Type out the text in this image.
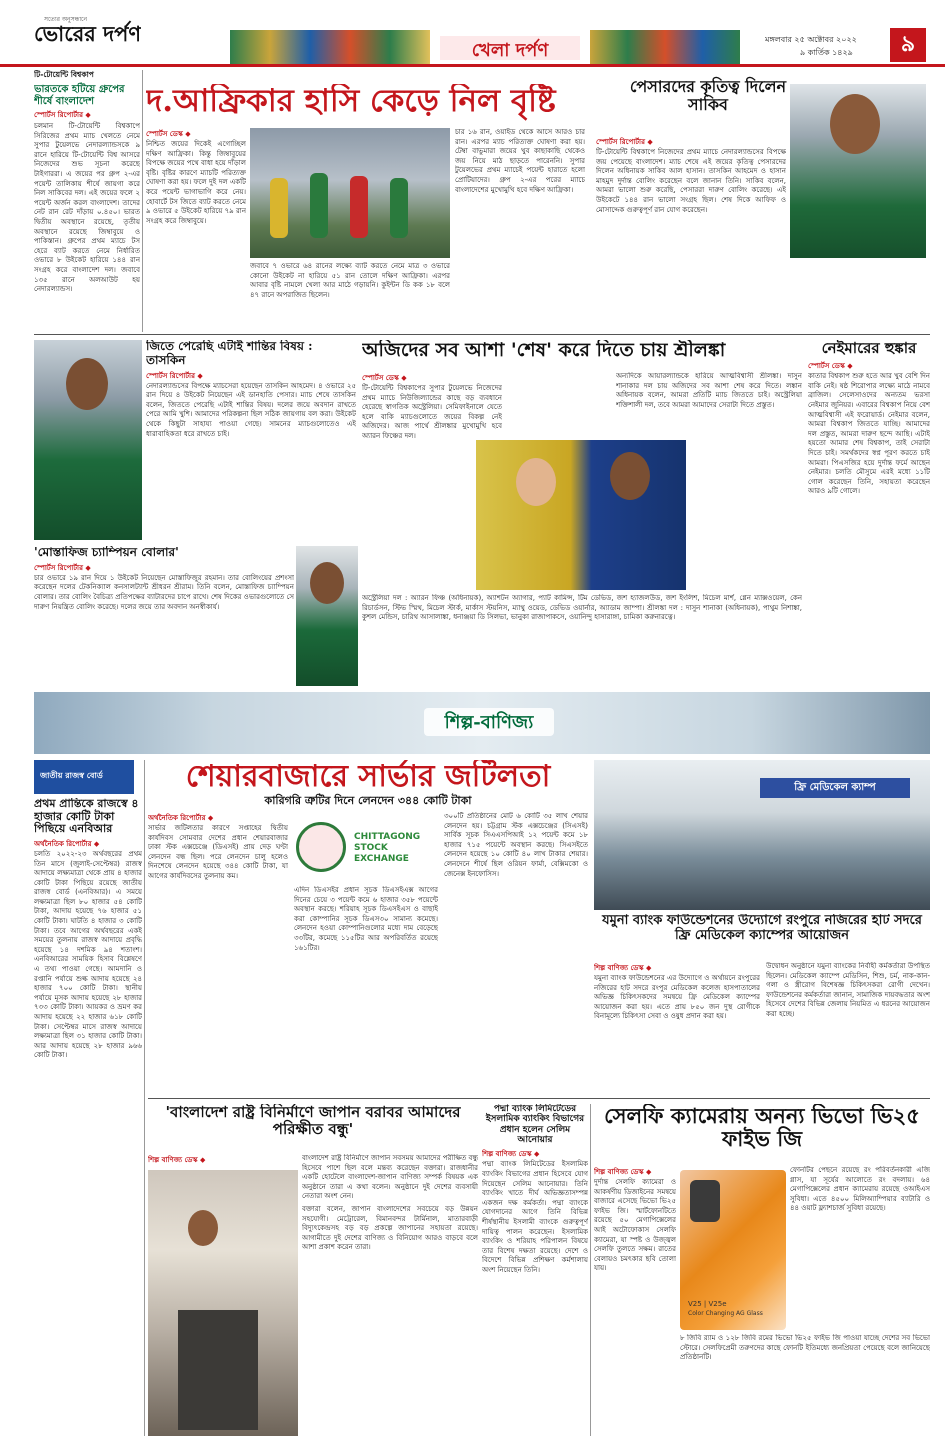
সত্যের অনুসন্ধানে
ভোরের দর্পণ
খেলা দর্পণ
মঙ্গলবার ২৫ অক্টোবর ২০২২
৯ কার্তিক ১৪২৯	৯
টি-টোয়েন্টি বিশ্বকাপ
ভারতকে হটিয়ে গ্রুপের শীর্ষে বাংলাদেশ
স্পোর্টস রিপোর্টার ◆
চলমান টি-টোয়েন্টি বিশ্বকাপে সিরিজের প্রথম ম্যাচ খেলতে নেমে সুপার টুয়েলভে নেদারল্যান্ডসকে ৯ রানে হারিয়ে টি-টোয়েন্টি বিশ্ব আসরে নিজেদের শুভ সূচনা করেছে টাইগাররা। এ জয়ের পর গ্রুপ ২-এর পয়েন্ট তালিকায় শীর্ষে জায়গা করে নিল সাকিবের দল। এই জয়ের ফলে ২ পয়েন্ট অর্জন করল বাংলাদেশ। তাদের নেট রান রেট দাঁড়ায় ০.৪৫০। ভারত দ্বিতীয় অবস্থানে রয়েছে, তৃতীয় অবস্থানে রয়েছে জিম্বাবুয়ে ও পাকিস্তান। গ্রুপের প্রথম ম্যাচে টস হেরে ব্যাট করতে নেমে নির্ধারিত ওভারে ৮ উইকেট হারিয়ে ১৪৪ রান সংগ্রহ করে বাংলাদেশ দল। জবাবে ১৩৫ রানে অলআউট হয় নেদারল্যান্ডস।
দ.আফ্রিকার হাসি কেড়ে নিল বৃষ্টি
স্পোর্টস ডেস্ক ◆
নিশ্চিত জয়ের দিকেই এগোচ্ছিল দক্ষিণ আফ্রিকা। কিন্তু জিম্বাবুয়ের বিপক্ষে জয়ের পথে বাধা হয়ে দাঁড়াল বৃষ্টি। বৃষ্টির কারণে ম্যাচটি পরিত্যক্ত ঘোষণা করা হয়। ফলে দুই দল একটি করে পয়েন্ট ভাগাভাগি করে নেয়। হোবার্টে টস জিতে ব্যাট করতে নেমে ৯ ওভারে ৫ উইকেট হারিয়ে ৭৯ রান সংগ্রহ করে জিম্বাবুয়ে।
জবাবে ৭ ওভারে ৬৪ রানের লক্ষ্যে ব্যাট করতে নেমে মাত্র ৩ ওভারে কোনো উইকেট না হারিয়ে ৫১ রান তোলে দক্ষিণ আফ্রিকা। এরপর আবার বৃষ্টি নামলে খেলা আর মাঠে গড়ায়নি। কুইন্টন ডি কক ১৮ বলে ৪৭ রানে অপরাজিত ছিলেন।
চার ১৬ রান, ওয়াইড থেকে আসে আরও চার রান। এরপর ম্যাচ পরিত্যক্ত ঘোষণা করা হয়। টেম্বা বাভুমারা জয়ের খুব কাছাকাছি থেকেও জয় নিয়ে মাঠ ছাড়তে পারেননি। সুপার টুয়েলভের প্রথম ম্যাচেই পয়েন্ট হারাতে হলো প্রোটিয়াদের। গ্রুপ ২-এর পরের ম্যাচে বাংলাদেশের মুখোমুখি হবে দক্ষিণ আফ্রিকা।
পেসারদের কৃতিত্ব দিলেন সাকিব
স্পোর্টস রিপোর্টার ◆
টি-টোয়েন্টি বিশ্বকাপে নিজেদের প্রথম ম্যাচে নেদারল্যান্ডসের বিপক্ষে জয় পেয়েছে বাংলাদেশ। ম্যাচ শেষে এই জয়ের কৃতিত্ব পেসারদের দিলেন অধিনায়ক সাকিব আল হাসান। তাসকিন আহমেদ ও হাসান মাহমুদ দুর্দান্ত বোলিং করেছেন বলে জানান তিনি। সাকিব বলেন, আমরা ভালো শুরু করেছি, পেসাররা দারুণ বোলিং করেছে। এই উইকেটে ১৪৪ রান ভালো সংগ্রহ ছিল। শেষ দিকে আফিফ ও মোসাদ্দেক গুরুত্বপূর্ণ রান যোগ করেছেন।
জিতে পেরেছি এটাই শান্তির বিষয় : তাসকিন
স্পোর্টস রিপোর্টার ◆
নেদারল্যান্ডসের বিপক্ষে ম্যাচসেরা হয়েছেন তাসকিন আহমেদ। ৪ ওভারে ২৫ রান দিয়ে ৪ উইকেট নিয়েছেন এই ডানহাতি পেসার। ম্যাচ শেষে তাসকিন বলেন, জিততে পেরেছি এটাই শান্তির বিষয়। দলের জয়ে অবদান রাখতে পেরে আমি খুশি। আমাদের পরিকল্পনা ছিল সঠিক জায়গায় বল করা। উইকেট থেকে কিছুটা সাহায্য পাওয়া গেছে। সামনের ম্যাচগুলোতেও এই ধারাবাহিকতা ধরে রাখতে চাই।
'মোস্তাফিজ চ্যাম্পিয়ন বোলার'
স্পোর্টস রিপোর্টার ◆
চার ওভারে ১৯ রান দিয়ে ১ উইকেট নিয়েছেন মোস্তাফিজুর রহমান। তার বোলিংয়ের প্রশংসা করেছেন দলের টেকনিক্যাল কনসালট্যান্ট শ্রীধরন শ্রীরাম। তিনি বলেন, মোস্তাফিজ চ্যাম্পিয়ন বোলার। তার বোলিং বৈচিত্র্য প্রতিপক্ষের ব্যাটারদের চাপে রাখে। শেষ দিকের ওভারগুলোতে সে দারুণ নিয়ন্ত্রিত বোলিং করেছে। দলের জয়ে তার অবদান অনস্বীকার্য।
অজিদের সব আশা 'শেষ' করে দিতে চায় শ্রীলঙ্কা
স্পোর্টস ডেস্ক ◆
টি-টোয়েন্টি বিশ্বকাপের সুপার টুয়েলভে নিজেদের প্রথম ম্যাচে নিউজিল্যান্ডের কাছে বড় ব্যবধানে হেরেছে স্বাগতিক অস্ট্রেলিয়া। সেমিফাইনালে যেতে হলে বাকি ম্যাচগুলোতে জয়ের বিকল্প নেই অজিদের। আজ পার্থে শ্রীলঙ্কার মুখোমুখি হবে অ্যারন ফিঞ্চের দল।
অন্যদিকে আয়ারল্যান্ডকে হারিয়ে আত্মবিশ্বাসী শ্রীলঙ্কা। দাসুন শানাকার দল চায় অজিদের সব আশা শেষ করে দিতে। লঙ্কান অধিনায়ক বলেন, আমরা প্রতিটি ম্যাচ জিততে চাই। অস্ট্রেলিয়া শক্তিশালী দল, তবে আমরা আমাদের সেরাটা দিতে প্রস্তুত।
অস্ট্রেলিয়া দল : অ্যারন ফিঞ্চ (অধিনায়ক), অ্যাশটন অ্যাগার, প্যাট কামিন্স, টিম ডেভিড, জশ হ্যাজলউড, জশ ইংলিশ, মিচেল মার্শ, গ্লেন ম্যাক্সওয়েল, কেন রিচার্ডসন, স্টিভ স্মিথ, মিচেল স্টার্ক, মার্কাস স্টয়নিস, ম্যাথু ওয়েড, ডেভিড ওয়ার্নার, অ্যাডাম জাম্পা। শ্রীলঙ্কা দল : দাসুন শানাকা (অধিনায়ক), পাথুম নিশাঙ্কা, কুশল মেন্ডিস, চারিথ আসালাঙ্কা, ধনাঞ্জয়া ডি সিলভা, ভানুকা রাজাপাকসে, ওয়ানিন্দু হাসারাঙ্গা, চামিকা করুনারত্নে।
নেইমারের হুঙ্কার
স্পোর্টস ডেস্ক ◆
কাতার বিশ্বকাপ শুরু হতে আর খুব বেশি দিন বাকি নেই। ষষ্ঠ শিরোপার লক্ষ্যে মাঠে নামবে ব্রাজিল। সেলেসাওদের অন্যতম ভরসা নেইমার জুনিয়র। এবারের বিশ্বকাপ নিয়ে বেশ আত্মবিশ্বাসী এই ফরোয়ার্ড। নেইমার বলেন, আমরা বিশ্বকাপ জিততে যাচ্ছি। আমাদের দল প্রস্তুত, আমরা দারুণ ছন্দে আছি। এটাই হয়তো আমার শেষ বিশ্বকাপ, তাই সেরাটা দিতে চাই। সমর্থকদের স্বপ্ন পূরণ করতে চাই আমরা। পিএসজির হয়ে দুর্দান্ত ফর্মে আছেন নেইমার। চলতি মৌসুমে এরই মধ্যে ১১টি গোল করেছেন তিনি, সহায়তা করেছেন আরও ৯টি গোলে।
শিল্প-বাণিজ্য
জাতীয় রাজস্ব বোর্ড
প্রথম প্রান্তিকে রাজস্বে ৪ হাজার কোটি টাকা পিছিয়ে এনবিআর
অর্থনৈতিক রিপোর্টার ◆
চলতি ২০২২-২৩ অর্থবছরের প্রথম তিন মাসে (জুলাই-সেপ্টেম্বর) রাজস্ব আদায়ে লক্ষ্যমাত্রা থেকে প্রায় ৪ হাজার কোটি টাকা পিছিয়ে রয়েছে জাতীয় রাজস্ব বোর্ড (এনবিআর)। এ সময়ে লক্ষ্যমাত্রা ছিল ৮০ হাজার ৫৪ কোটি টাকা, আদায় হয়েছে ৭৬ হাজার ৫১ কোটি টাকা। ঘাটতি ৪ হাজার ৩ কোটি টাকা। তবে আগের অর্থবছরের একই সময়ের তুলনায় রাজস্ব আদায়ে প্রবৃদ্ধি হয়েছে ১৪ দশমিক ৯৪ শতাংশ। এনবিআরের সাময়িক হিসাব বিশ্লেষণে এ তথ্য পাওয়া গেছে। আমদানি ও রপ্তানি পর্যায়ে শুল্ক আদায় হয়েছে ২৪ হাজার ৭০০ কোটি টাকা। স্থানীয় পর্যায়ে মূসক আদায় হয়েছে ২৮ হাজার ৭৩৩ কোটি টাকা। আয়কর ও ভ্রমণ কর আদায় হয়েছে ২২ হাজার ৬১৮ কোটি টাকা। সেপ্টেম্বর মাসে রাজস্ব আদায়ে লক্ষ্যমাত্রা ছিল ৩১ হাজার কোটি টাকা। আর আদায় হয়েছে ২৮ হাজার ৯৬৬ কোটি টাকা।
শেয়ারবাজারে সার্ভার জটিলতা
কারিগরি ত্রুটির দিনে লেনদেন ৩৪৪ কোটি টাকা
অর্থনৈতিক রিপোর্টার ◆
সার্ভার জটিলতার কারণে সপ্তাহের দ্বিতীয় কার্যদিবস সোমবার দেশের প্রধান শেয়ারবাজার ঢাকা স্টক এক্সচেঞ্জে (ডিএসই) প্রায় দেড় ঘণ্টা লেনদেন বন্ধ ছিল। পরে লেনদেন চালু হলেও দিনশেষে লেনদেন হয়েছে ৩৪৪ কোটি টাকা, যা আগের কার্যদিবসের তুলনায় কম।
CHITTAGONG STOCK EXCHANGE
এদিন ডিএসইর প্রধান সূচক ডিএসইএক্স আগের দিনের চেয়ে ৩ পয়েন্ট কমে ৬ হাজার ৩৫৮ পয়েন্টে অবস্থান করছে। শরিয়াহ সূচক ডিএসইএস ও বাছাই করা কোম্পানির সূচক ডিএস৩০ সামান্য কমেছে। লেনদেন হওয়া কোম্পানিগুলোর মধ্যে দাম বেড়েছে ৩৩টির, কমেছে ১১৫টির আর অপরিবর্তিত রয়েছে ১৬১টির।
৩০০টি প্রতিষ্ঠানের মোট ৬ কোটি ৩৫ লাখ শেয়ার লেনদেন হয়। চট্টগ্রাম স্টক এক্সচেঞ্জের (সিএসই) সার্বিক সূচক সিএএসপিআই ১২ পয়েন্ট কমে ১৮ হাজার ৭১৫ পয়েন্টে অবস্থান করছে। সিএসইতে লেনদেন হয়েছে ১০ কোটি ৪০ লাখ টাকার শেয়ার। লেনদেনে শীর্ষে ছিল ওরিয়ন ফার্মা, বেক্সিমকো ও জেনেক্স ইনফোসিস।
ফ্রি মেডিকেল ক্যাম্প
যমুনা ব্যাংক ফাউন্ডেশনের উদ্যোগে রংপুরে নজিরের হাট সদরে ফ্রি মেডিকেল ক্যাম্পের আয়োজন
শিল্প বাণিজ্য ডেস্ক ◆
যমুনা ব্যাংক ফাউন্ডেশনের এর উদ্যোগে ও অর্থায়নে রংপুরের নজিরের হাট সদরে রংপুর মেডিকেল কলেজ হাসপাতালের অভিজ্ঞ চিকিৎসকদের সমন্বয়ে ফ্রি মেডিকেল ক্যাম্পের আয়োজন করা হয়। এতে প্রায় ৮৫০ জন দুস্থ রোগীকে বিনামূল্যে চিকিৎসা সেবা ও ওষুধ প্রদান করা হয়।
উদ্বোধন অনুষ্ঠানে যমুনা ব্যাংকের নির্বাহী কর্মকর্তারা উপস্থিত ছিলেন। মেডিকেল ক্যাম্পে মেডিসিন, শিশু, চর্ম, নাক-কান-গলা ও স্ত্রীরোগ বিশেষজ্ঞ চিকিৎসকরা রোগী দেখেন। ফাউন্ডেশনের কর্মকর্তারা জানান, সামাজিক দায়বদ্ধতার অংশ হিসেবে দেশের বিভিন্ন জেলায় নিয়মিত এ ধরনের আয়োজন করা হচ্ছে।
'বাংলাদেশ রাষ্ট্র বিনির্মাণে জাপান বরাবর আমাদের পরিক্ষীত বন্ধু'
শিল্প বাণিজ্য ডেস্ক ◆	বাংলাদেশ রাষ্ট্র বিনির্মাণে জাপান সবসময় আমাদের পরীক্ষিত বন্ধু হিসেবে পাশে ছিল বলে মন্তব্য করেছেন বক্তারা। রাজধানীর একটি হোটেলে বাংলাদেশ-জাপান বাণিজ্য সম্পর্ক বিষয়ক এক অনুষ্ঠানে তারা এ কথা বলেন। অনুষ্ঠানে দুই দেশের ব্যবসায়ী নেতারা অংশ নেন।
বক্তারা বলেন, জাপান বাংলাদেশের সবচেয়ে বড় উন্নয়ন সহযোগী। মেট্রোরেল, বিমানবন্দর টার্মিনাল, মাতারবাড়ী বিদ্যুৎকেন্দ্রসহ বড় বড় প্রকল্পে জাপানের সহায়তা রয়েছে। আগামীতে দুই দেশের বাণিজ্য ও বিনিয়োগ আরও বাড়বে বলে আশা প্রকাশ করেন তারা।
পদ্মা ব্যাংক লিমিটেডের ইসলামিক ব্যাংকিং বিভাগের প্রধান হলেন সেলিম আনোয়ার
শিল্প বাণিজ্য ডেস্ক ◆
পদ্মা ব্যাংক লিমিটেডের ইসলামিক ব্যাংকিং বিভাগের প্রধান হিসেবে যোগ দিয়েছেন সেলিম আনোয়ার। তিনি ব্যাংকিং খাতে দীর্ঘ অভিজ্ঞতাসম্পন্ন একজন দক্ষ কর্মকর্তা। পদ্মা ব্যাংকে যোগদানের আগে তিনি বিভিন্ন শীর্ষস্থানীয় ইসলামী ব্যাংকে গুরুত্বপূর্ণ দায়িত্ব পালন করেছেন। ইসলামিক ব্যাংকিং ও শরিয়াহ পরিপালন বিষয়ে তার বিশেষ দক্ষতা রয়েছে। দেশে ও বিদেশে বিভিন্ন প্রশিক্ষণ কর্মশালায় অংশ নিয়েছেন তিনি।
সেলফি ক্যামেরায় অনন্য ভিভো ভি২৫ ফাইভ জি
শিল্প বাণিজ্য ডেস্ক ◆
দুর্দান্ত সেলফি ক্যামেরা ও আকর্ষণীয় ডিজাইনের সমন্বয়ে বাজারে এসেছে ভিভো ভি২৫ ফাইভ জি। স্মার্টফোনটিতে রয়েছে ৫০ মেগাপিক্সেলের আই অটোফোকাস সেলফি ক্যামেরা, যা স্পষ্ট ও উজ্জ্বল সেলফি তুলতে সক্ষম। রাতের বেলায়ও চমৎকার ছবি তোলা যায়।
V25 | V25e
Color Changing AG Glass
ফোনটির পেছনে রয়েছে রং পরিবর্তনকারী এজি গ্লাস, যা সূর্যের আলোতে রং বদলায়। ৬৪ মেগাপিক্সেলের প্রধান ক্যামেরায় রয়েছে ওআইএস সুবিধা। এতে ৪৫০০ মিলিঅ্যাম্পিয়ার ব্যাটারি ও ৪৪ ওয়াট ফ্ল্যাশচার্জ সুবিধা রয়েছে।
৮ জিবি র‍্যাম ও ১২৮ জিবি রমের ভিভো ভি২৫ ফাইভ জি পাওয়া যাচ্ছে দেশের সব ভিভো স্টোরে। সেলফিপ্রেমী তরুণদের কাছে ফোনটি ইতিমধ্যে জনপ্রিয়তা পেয়েছে বলে জানিয়েছে প্রতিষ্ঠানটি।
